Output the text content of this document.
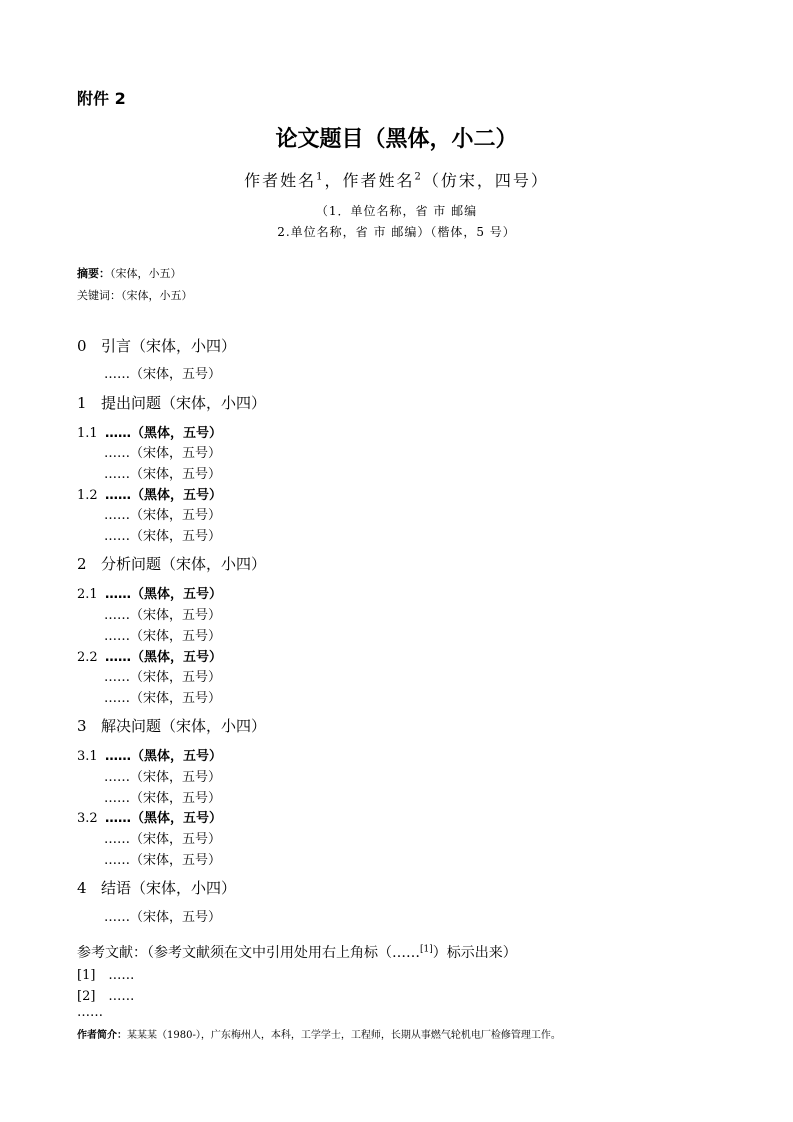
附件 2
论文题目（黑体，小二）
作者姓名$^1$，作者姓名$^2$（仿宋，四号）
（1．单位名称，省 市 邮编
2.单位名称，省 市 邮编）（楷体，5 号）
摘要：（宋体，小五）
关键词：（宋体，小五）
0 引言（宋体，小四）
……（宋体，五号）
1 提出问题（宋体，小四）
1.1 ……（黑体，五号）
……（宋体，五号）
……（宋体，五号）
1.2 ……（黑体，五号）
……（宋体，五号）
……（宋体，五号）
2 分析问题（宋体，小四）
2.1 ……（黑体，五号）
……（宋体，五号）
……（宋体，五号）
2.2 ……（黑体，五号）
……（宋体，五号）
……（宋体，五号）
3 解决问题（宋体，小四）
3.1 ……（黑体，五号）
……（宋体，五号）
……（宋体，五号）
3.2 ……（黑体，五号）
……（宋体，五号）
……（宋体，五号）
4 结语（宋体，小四）
……（宋体，五号）
参考文献：（参考文献须在文中引用处用右上角标（……[1]）标示出来）
[1]　……
[2]　……
……
作者简介：某某某（1980-），广东梅州人，本科，工学学士，工程师，长期从事燃气轮机电厂检修管理工作。
